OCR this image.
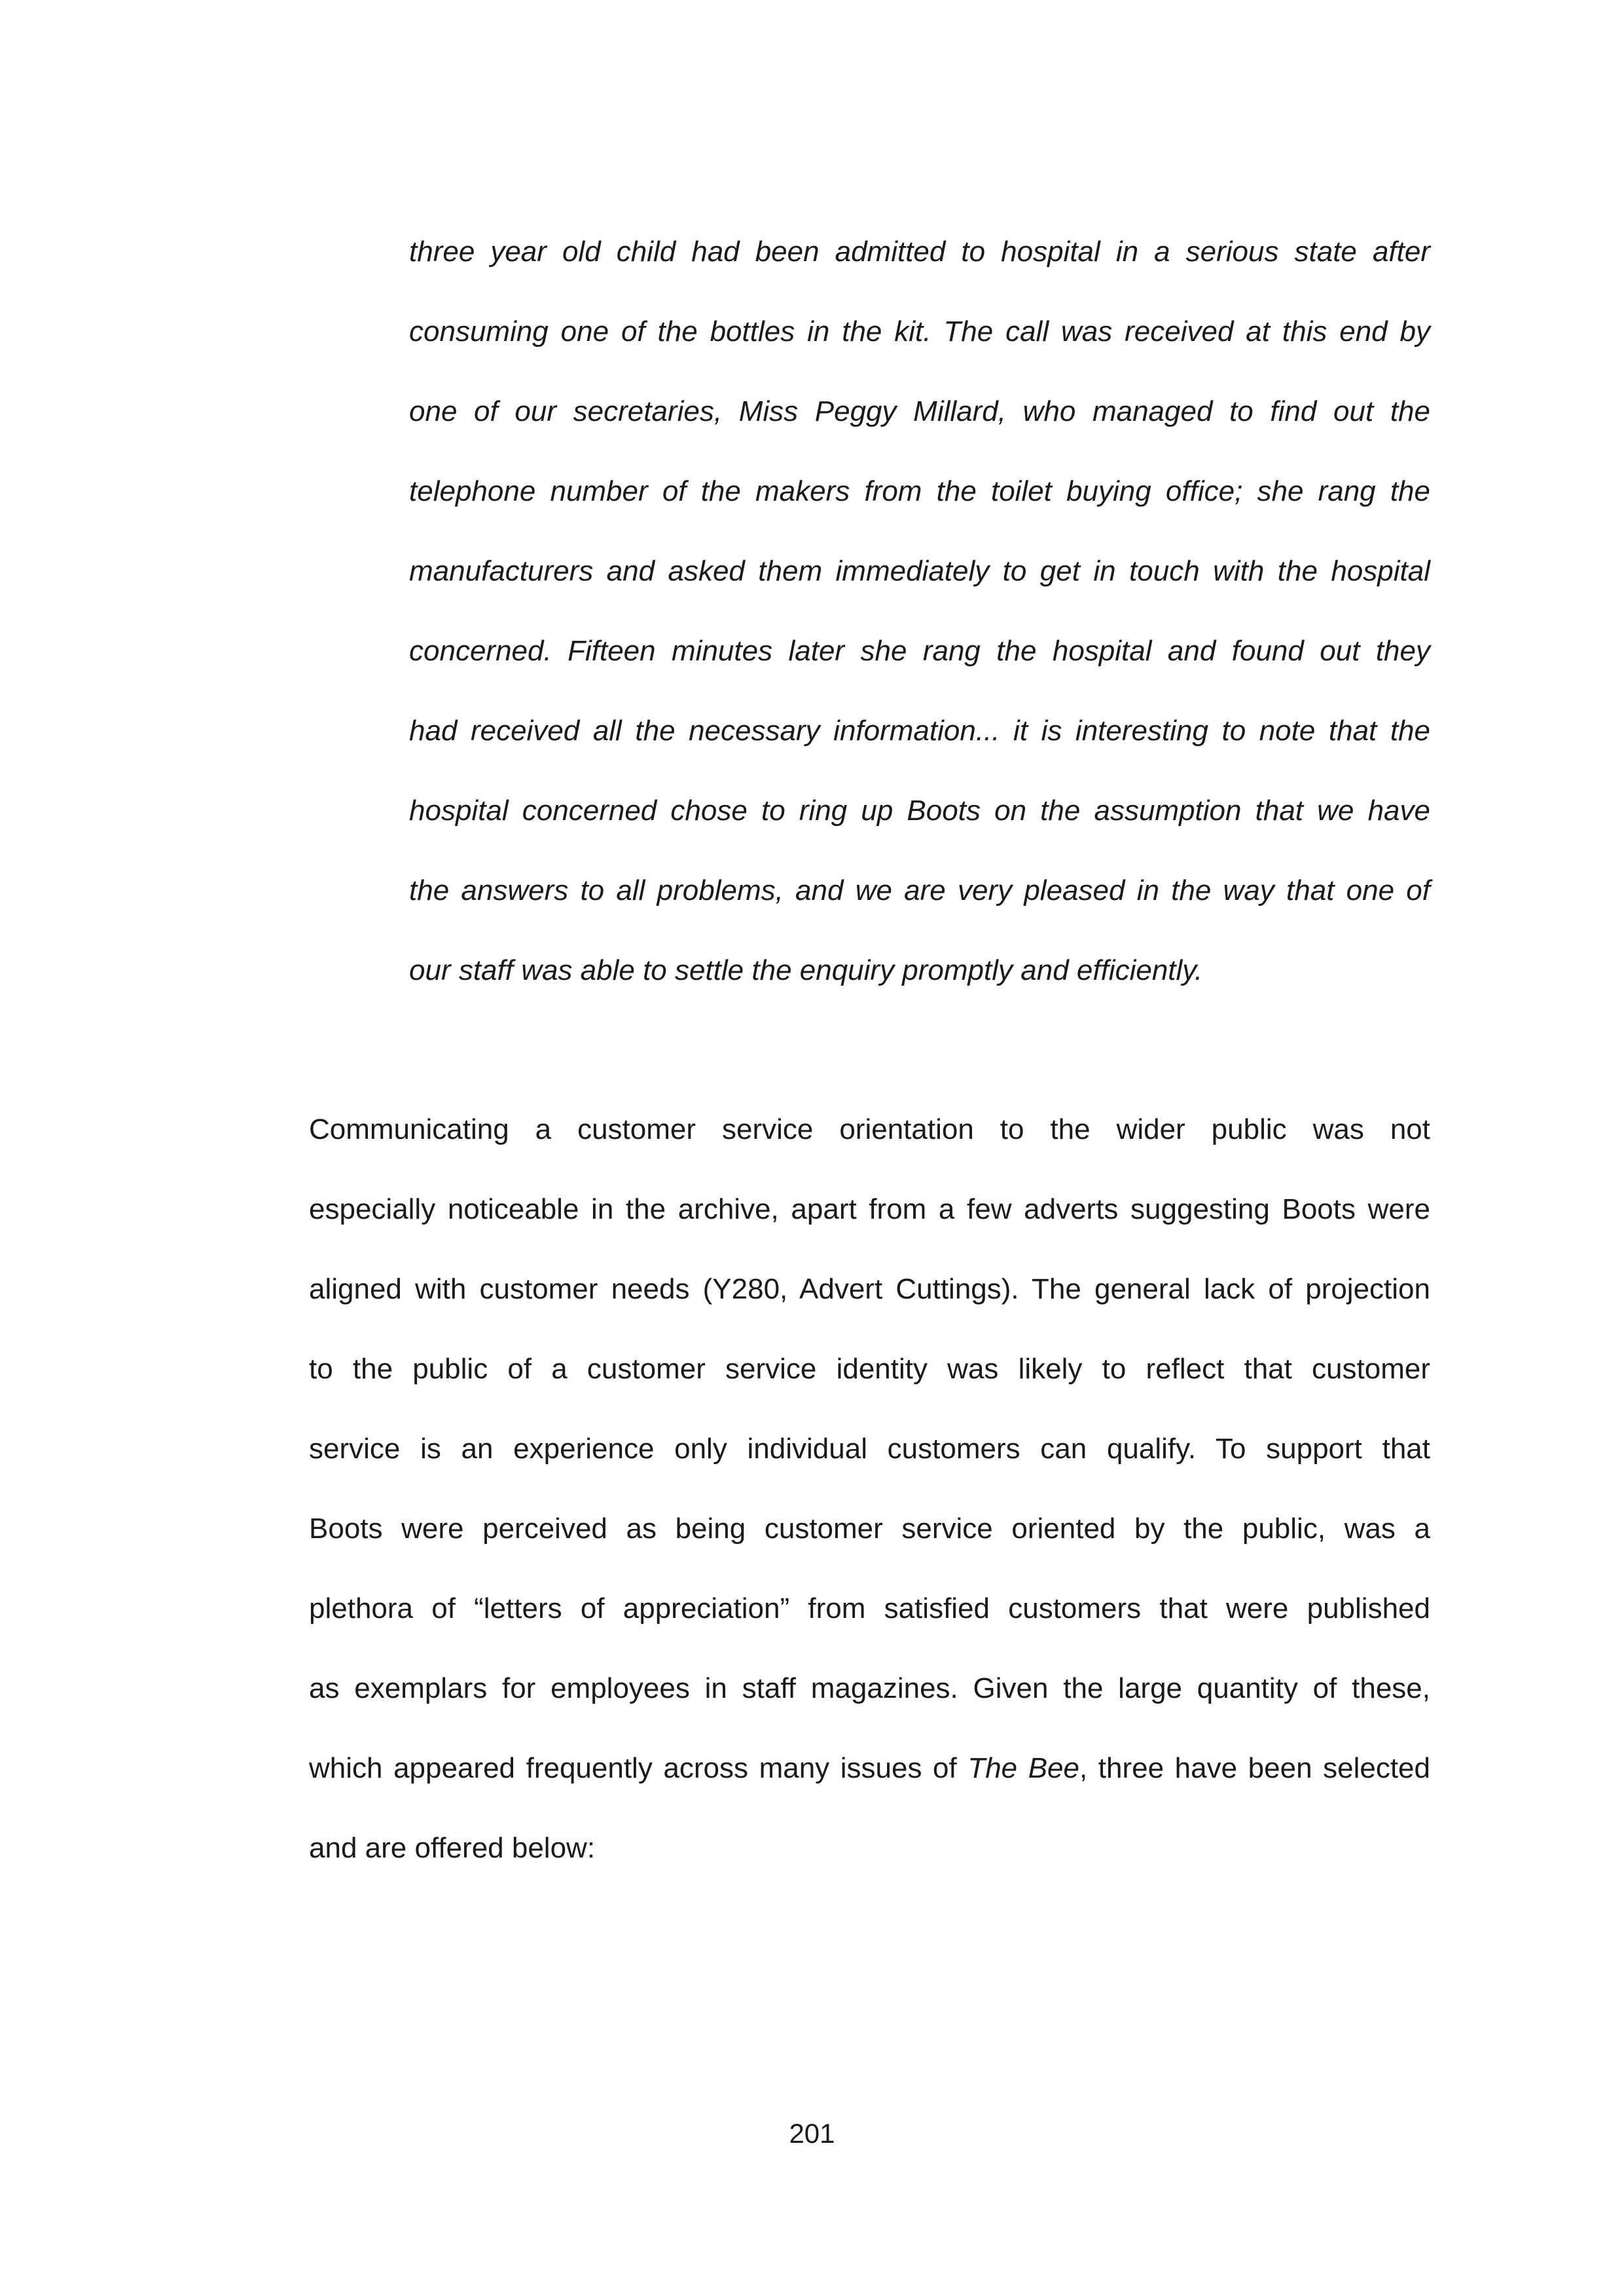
three year old child had been admitted to hospital in a serious state after

consuming one of the bottles in the kit. The call was received at this end by

one of our secretaries, Miss Peggy Millard, who managed to find out the

telephone number of the makers from the toilet buying office; she rang the

manufacturers and asked them immediately to get in touch with the hospital

concerned. Fifteen minutes later she rang the hospital and found out they

had received all the necessary information... it is interesting to note that the

hospital concerned chose to ring up Boots on the assumption that we have

the answers to all problems, and we are very pleased in the way that one of

our staff was able to settle the enquiry promptly and efficiently.

Communicating a customer service orientation to the wider public was not

especially noticeable in the archive, apart from a few adverts suggesting Boots were

aligned with customer needs (Y280, Advert Cuttings). The general lack of projection

to the public of a customer service identity was likely to reflect that customer

service is an experience only individual customers can qualify. To support that

Boots were perceived as being customer service oriented by the public, was a

plethora of “letters of appreciation” from satisfied customers that were published

as exemplars for employees in staff magazines. Given the large quantity of these,

which appeared frequently across many issues of The Bee, three have been selected

and are offered below:

201
